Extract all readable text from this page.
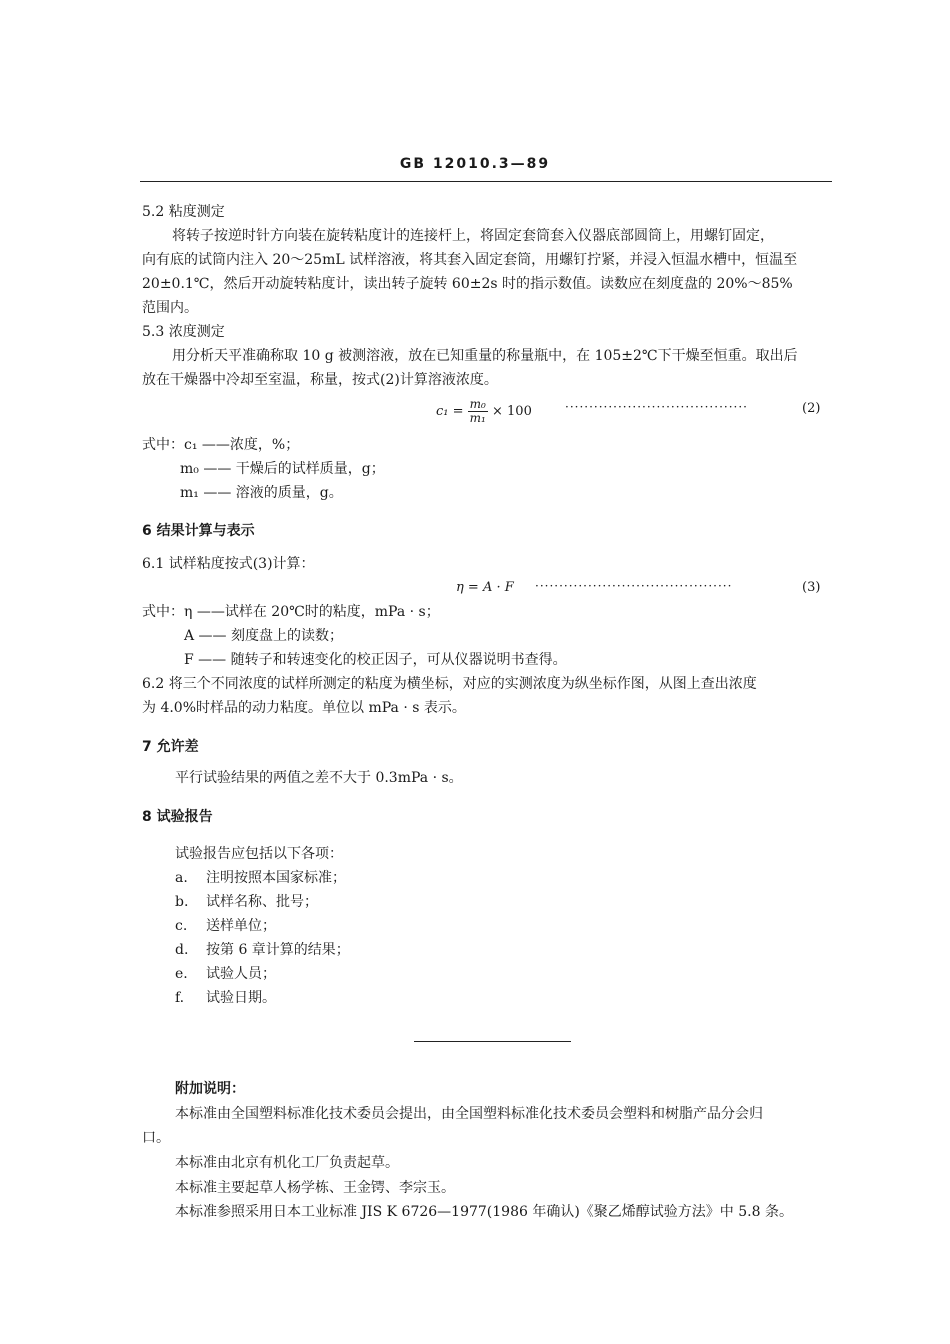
GB 12010.3—89
5.2 粘度测定
将转子按逆时针方向装在旋转粘度计的连接杆上，将固定套筒套入仪器底部圆筒上，用螺钉固定，
向有底的试筒内注入 20～25mL 试样溶液，将其套入固定套筒，用螺钉拧紧，并浸入恒温水槽中，恒温至
20±0.1℃，然后开动旋转粘度计，读出转子旋转 60±2s 时的指示数值。读数应在刻度盘的 20%～85%
范围内。
5.3 浓度测定
用分析天平准确称取 10 g 被测溶液，放在已知重量的称量瓶中，在 105±2℃下干燥至恒重。取出后
放在干燥器中冷却至室温，称量，按式(2)计算溶液浓度。
$c_1 = \frac{\text{m₀}}{\text{m₁}} \times 100$	······································	(2)
式中：c₁ ——浓度，%；
m₀ —— 干燥后的试样质量，g；
m₁ —— 溶液的质量，g。
6 结果计算与表示
6.1 试样粘度按式(3)计算：
η = A · F ·········································	(3)
式中：η ——试样在 20℃时的粘度，mPa · s；
A —— 刻度盘上的读数；
F —— 随转子和转速变化的校正因子，可从仪器说明书查得。
6.2 将三个不同浓度的试样所测定的粘度为横坐标，对应的实测浓度为纵坐标作图，从图上查出浓度
为 4.0%时样品的动力粘度。单位以 mPa · s 表示。
7 允许差
平行试验结果的两值之差不大于 0.3mPa · s。
8 试验报告
试验报告应包括以下各项：
a. 注明按照本国家标准；
b. 试样名称、批号；
c. 送样单位；
d. 按第 6 章计算的结果；
e. 试验人员；
f. 试验日期。
附加说明：
本标准由全国塑料标准化技术委员会提出，由全国塑料标准化技术委员会塑料和树脂产品分会归
口。
本标准由北京有机化工厂负责起草。
本标准主要起草人杨学栋、王金锷、李宗玉。
本标准参照采用日本工业标准 JIS K 6726—1977(1986 年确认)《聚乙烯醇试验方法》中 5.8 条。
